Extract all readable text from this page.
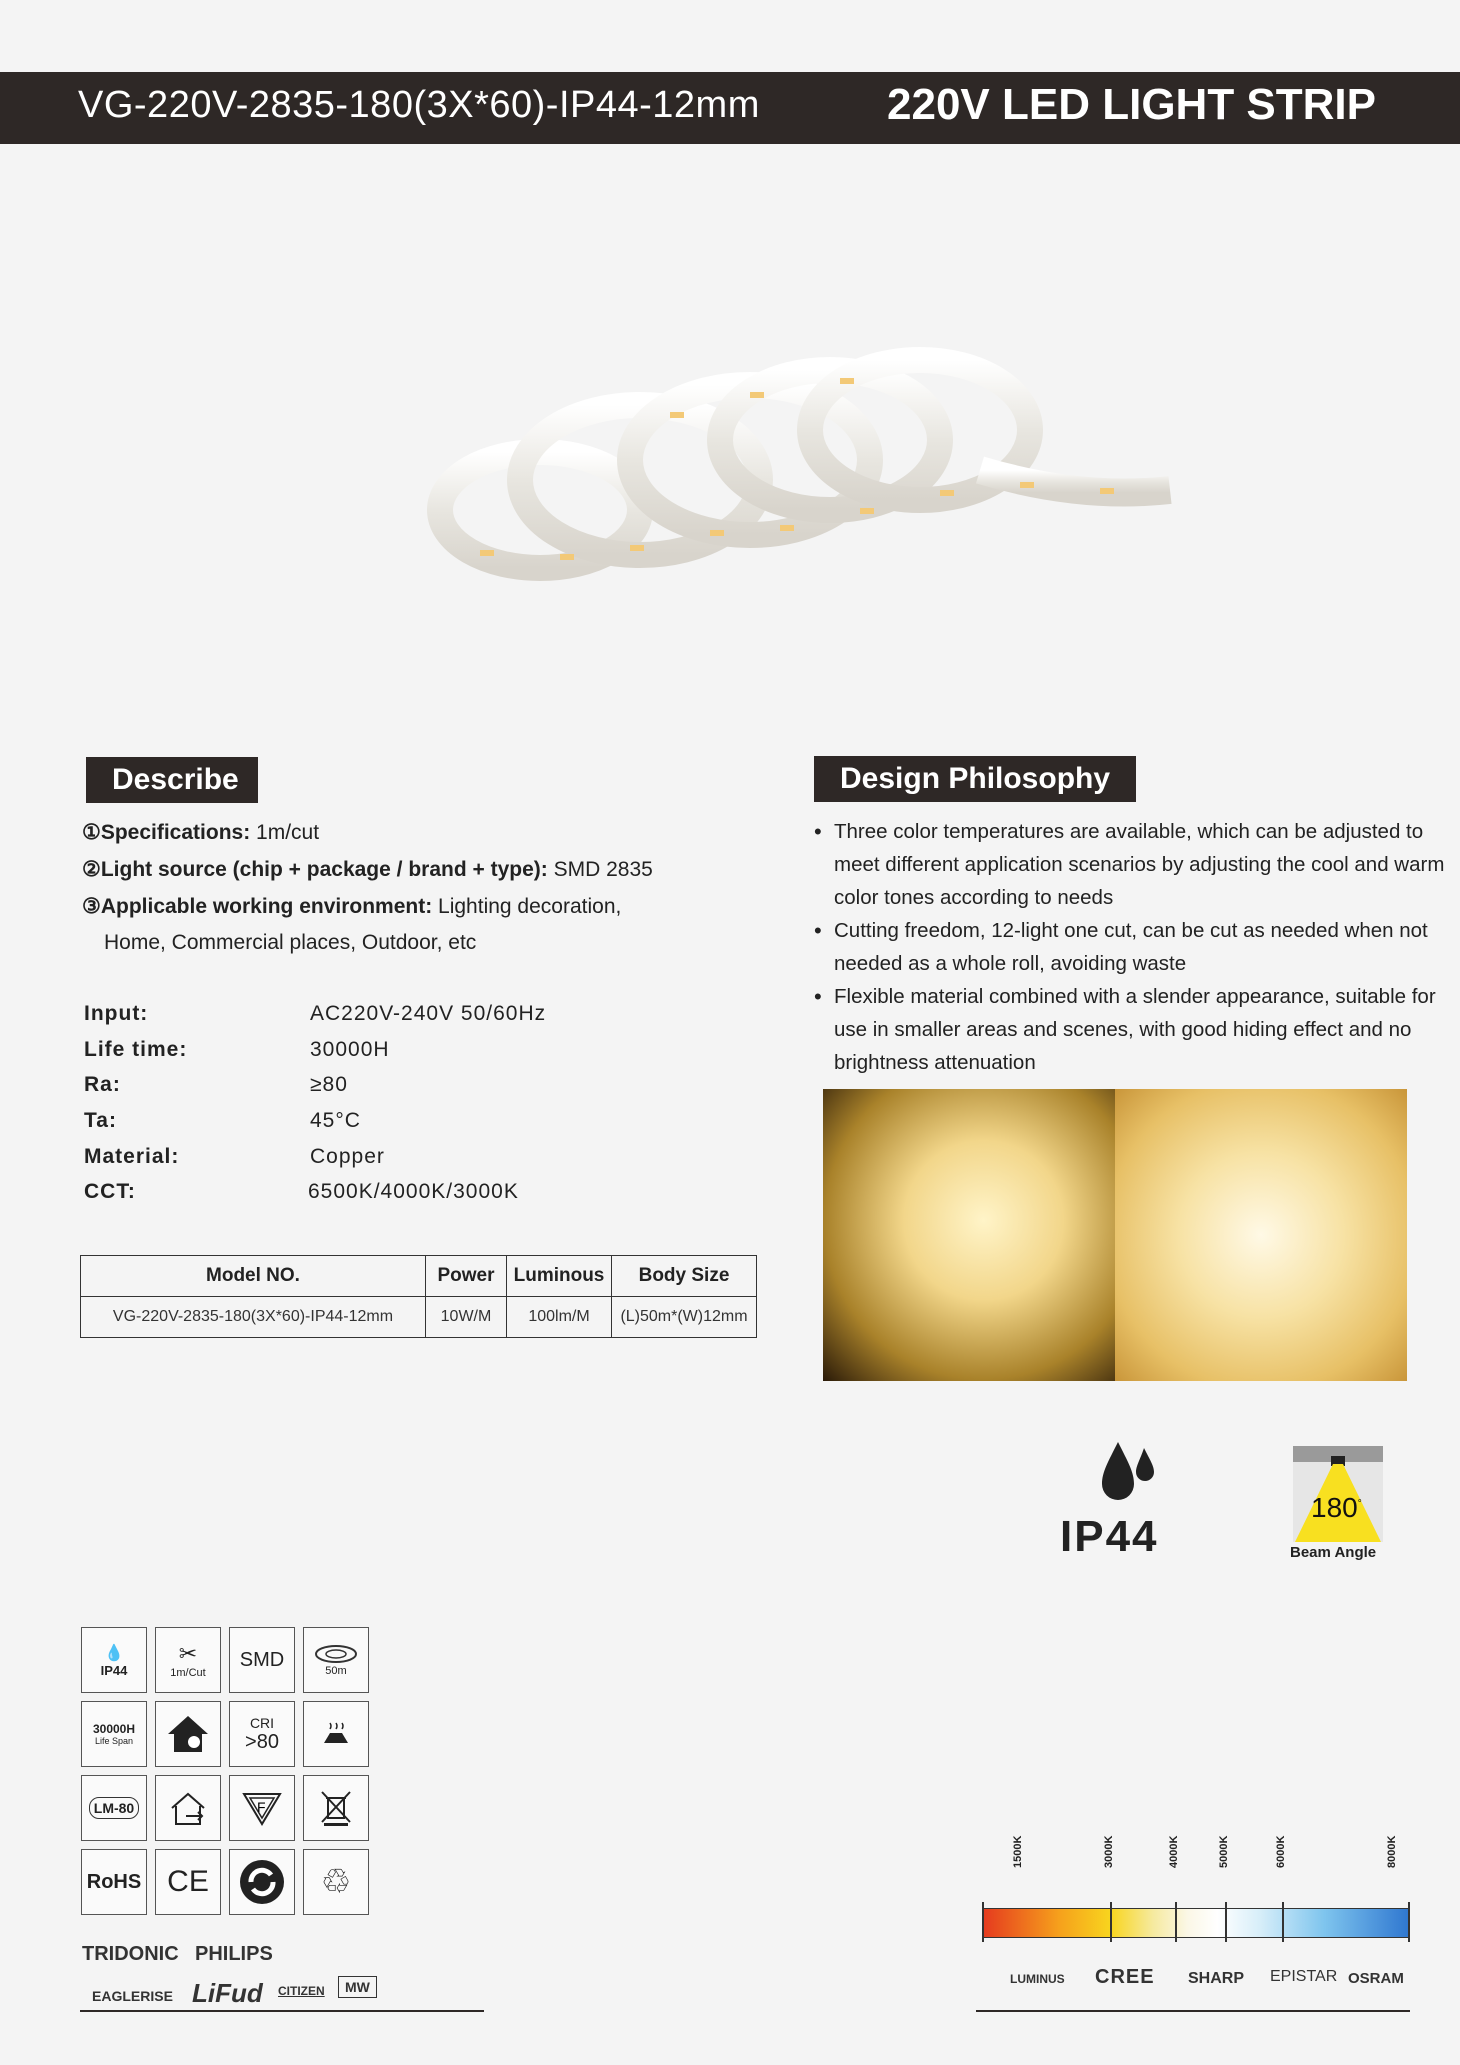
VG-220V-2835-180(3X*60)-IP44-12mm	220V LED LIGHT STRIP
Describe
①Specifications: 1m/cut
②Light source (chip + package / brand + type): SMD 2835
③Applicable working environment: Lighting decoration,
Home, Commercial places, Outdoor, etc
Input:	AC220V-240V 50/60Hz
Life time:	30000H
Ra:	≥80
Ta:	45°C
Material:	Copper
CCT:	6500K/4000K/3000K
Model NO.	Power	Luminous	Body Size
VG-220V-2835-180(3X*60)-IP44-12mm	10W/M	100lm/M	(L)50m*(W)12mm
Design Philosophy
• Three color temperatures are available, which can be adjusted to meet different application scenarios by adjusting the cool and warm color tones according to needs
• Cutting freedom, 12-light one cut, can be cut as needed when not needed as a whole roll, avoiding waste
• Flexible material combined with a slender appearance, suitable for use in smaller areas and scenes, with good hiding effect and no brightness attenuation
IP44
180°
Beam Angle
💧
IP44
✂
1m/Cut
SMD
50m
30000H
Life Span
CRI
>80
LM-80	F
RoHS CE	♲
TRIDONIC PHILIPS
EAGLERISE LiFud CITIZEN	MW
1500K	3000K	4000K	5000K	6000K	8000K
LUMINUS CREE SHARP EPISTAR OSRAM
